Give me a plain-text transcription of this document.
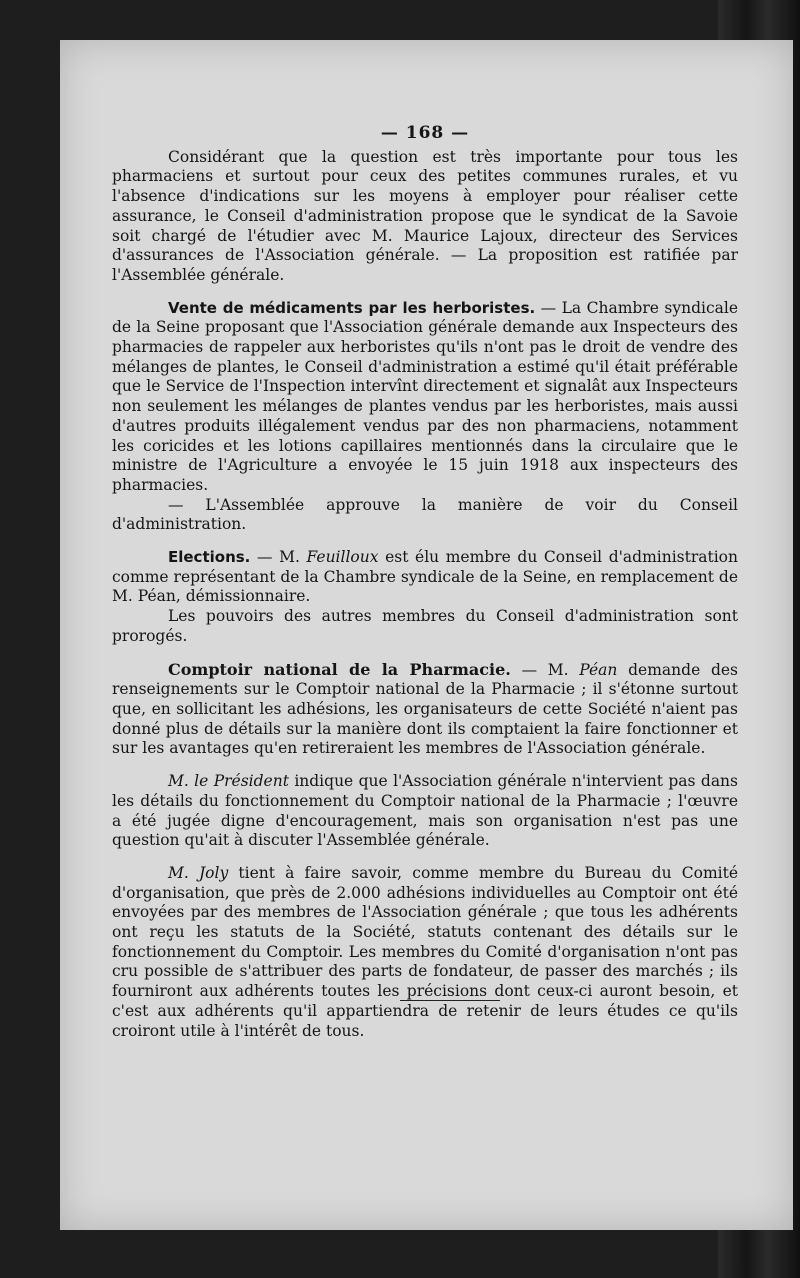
— 168 —

Considérant que la question est très importante pour tous les pharmaciens et surtout pour ceux des petites communes rurales, et vu l'absence d'indications sur les moyens à employer pour réaliser cette assurance, le Conseil d'administration propose que le syndicat de la Savoie soit chargé de l'étudier avec M. Maurice Lajoux, directeur des Services d'assurances de l'Association générale. — La proposition est ratifiée par l'Assemblée générale.

Vente de médicaments par les herboristes. — La Chambre syndicale de la Seine proposant que l'Association générale demande aux Inspecteurs des pharmacies de rappeler aux herboristes qu'ils n'ont pas le droit de vendre des mélanges de plantes, le Conseil d'administration a estimé qu'il était préférable que le Service de l'Inspection intervînt directement et signalât aux Inspecteurs non seulement les mélanges de plantes vendus par les herboristes, mais aussi d'autres produits illégalement vendus par des non pharmaciens, notamment les coricides et les lotions capillaires mentionnés dans la circulaire que le ministre de l'Agriculture a envoyée le 15 juin 1918 aux inspecteurs des pharmacies.

— L'Assemblée approuve la manière de voir du Conseil d'administration.

Elections. — M. Feuilloux est élu membre du Conseil d'administration comme représentant de la Chambre syndicale de la Seine, en remplacement de M. Péan, démissionnaire.

Les pouvoirs des autres membres du Conseil d'administration sont prorogés.

Comptoir national de la Pharmacie. — M. Péan demande des renseignements sur le Comptoir national de la Pharmacie ; il s'étonne surtout que, en sollicitant les adhésions, les organisateurs de cette Société n'aient pas donné plus de détails sur la manière dont ils comptaient la faire fonctionner et sur les avantages qu'en retireraient les membres de l'Association générale.

M. le Président indique que l'Association générale n'intervient pas dans les détails du fonctionnement du Comptoir national de la Pharmacie ; l'œuvre a été jugée digne d'encouragement, mais son organisation n'est pas une question qu'ait à discuter l'Assemblée générale.

M. Joly tient à faire savoir, comme membre du Bureau du Comité d'organisation, que près de 2.000 adhésions individuelles au Comptoir ont été envoyées par des membres de l'Association générale ; que tous les adhérents ont reçu les statuts de la Société, statuts contenant des détails sur le fonctionnement du Comptoir. Les membres du Comité d'organisation n'ont pas cru possible de s'attribuer des parts de fondateur, de passer des marchés ; ils fourniront aux adhérents toutes les précisions dont ceux-ci auront besoin, et c'est aux adhérents qu'il appartiendra de retenir de leurs études ce qu'ils croiront utile à l'intérêt de tous.
